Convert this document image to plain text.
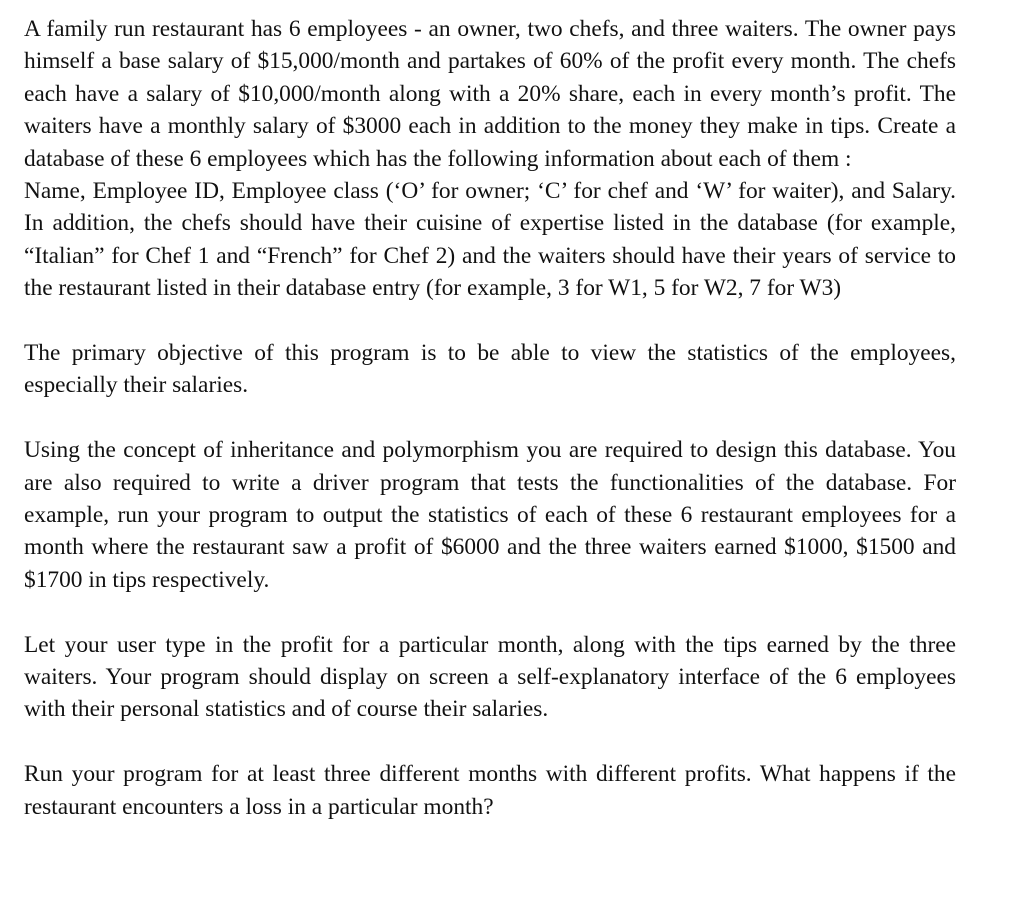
A family run restaurant has 6 employees - an owner, two chefs, and three waiters. The owner pays himself a base salary of $15,000/month and partakes of 60% of the profit every month. The chefs each have a salary of $10,000/month along with a 20% share, each in every month’s profit. The waiters have a monthly salary of $3000 each in addition to the money they make in tips. Create a database of these 6 employees which has the following information about each of them :

Name, Employee ID, Employee class (‘O’ for owner; ‘C’ for chef and ‘W’ for waiter), and Salary. In addition, the chefs should have their cuisine of expertise listed in the database (for example, “Italian” for Chef 1 and “French” for Chef 2) and the waiters should have their years of service to the restaurant listed in their database entry (for example, 3 for W1, 5 for W2, 7 for W3)

The primary objective of this program is to be able to view the statistics of the employees, especially their salaries.

Using the concept of inheritance and polymorphism you are required to design this database. You are also required to write a driver program that tests the functionalities of the database. For example, run your program to output the statistics of each of these 6 restaurant employees for a month where the restaurant saw a profit of $6000 and the three waiters earned $1000, $1500 and $1700 in tips respectively.

Let your user type in the profit for a particular month, along with the tips earned by the three waiters. Your program should display on screen a self-explanatory interface of the 6 employees with their personal statistics and of course their salaries.

Run your program for at least three different months with different profits. What happens if the restaurant encounters a loss in a particular month?
